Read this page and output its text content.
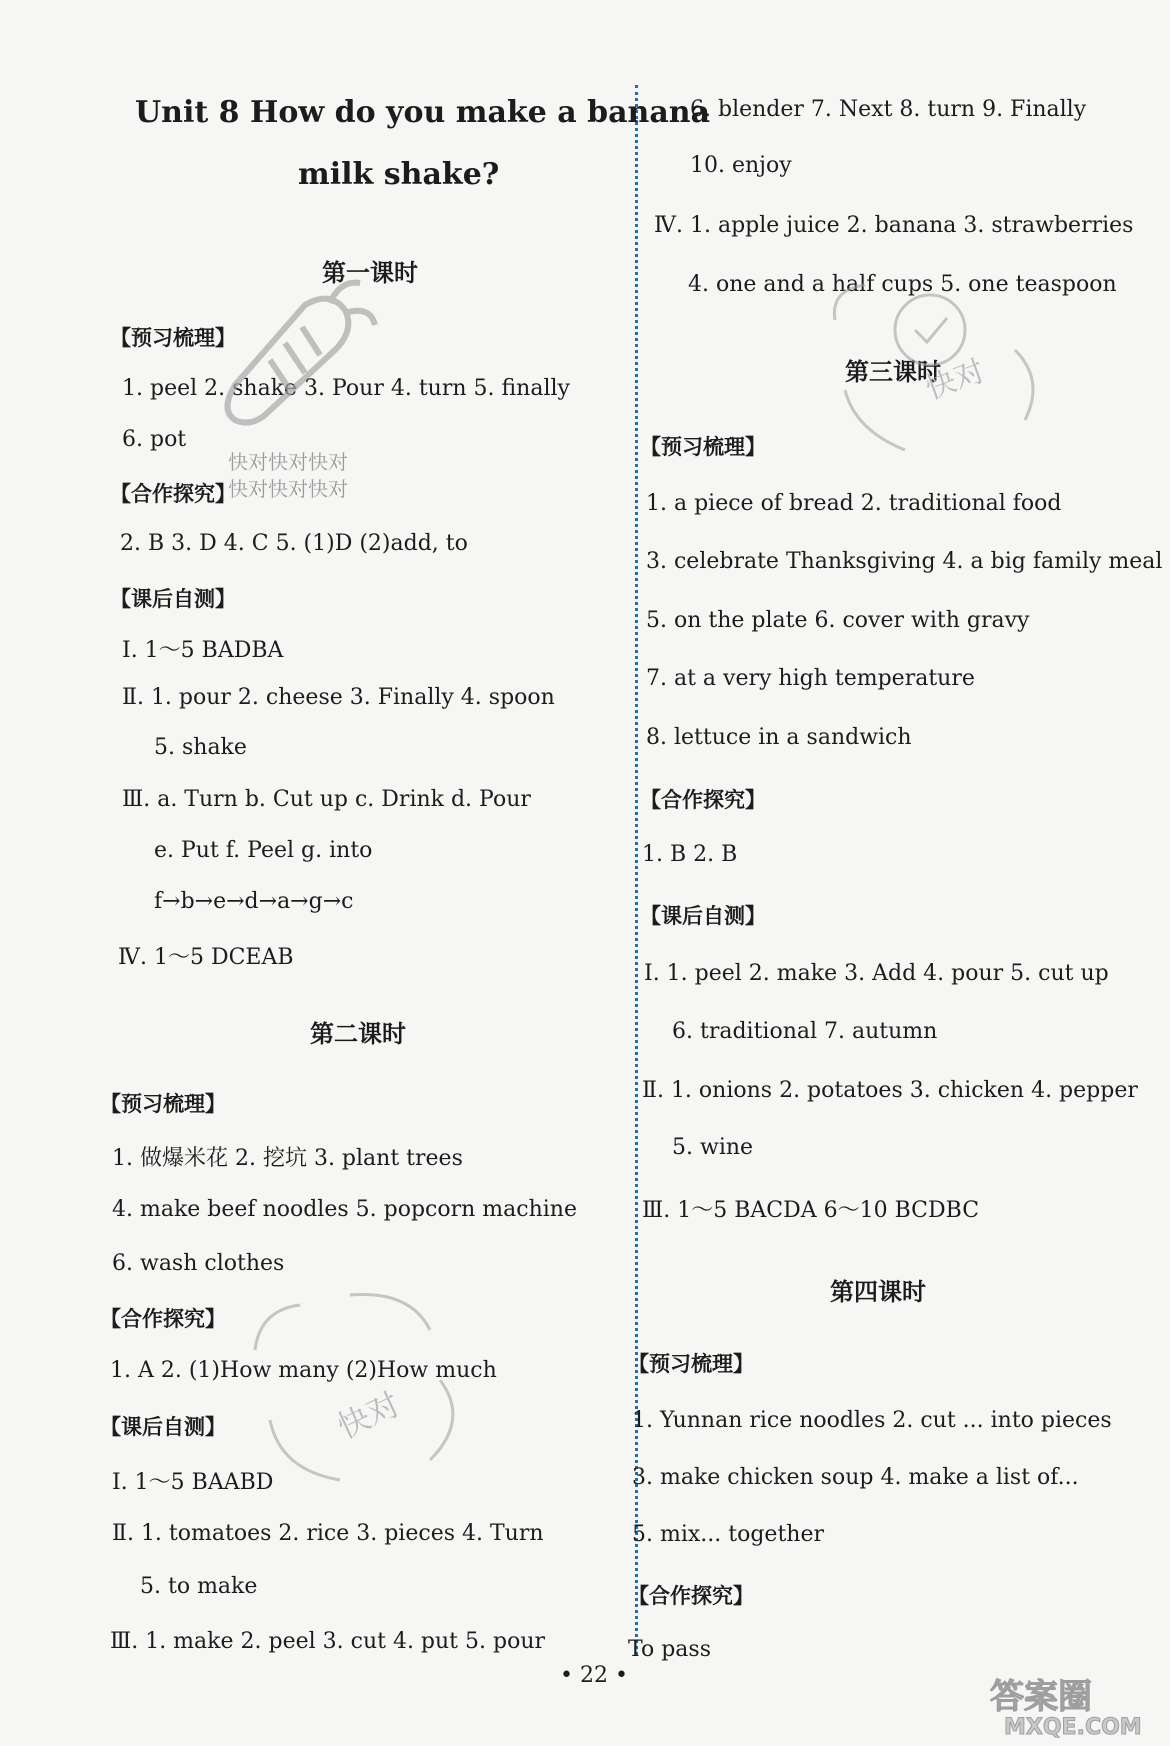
Unit 8 How do you make a banana
milk shake?
第一课时
【预习梳理】
1. peel 2. shake 3. Pour 4. turn 5. finally
6. pot
【合作探究】
2. B 3. D 4. C 5. (1)D (2)add, to
【课后自测】
Ⅰ. 1～5 BADBA
Ⅱ. 1. pour 2. cheese 3. Finally 4. spoon
5. shake
Ⅲ. a. Turn b. Cut up c. Drink d. Pour
e. Put f. Peel g. into
f→b→e→d→a→g→c
Ⅳ. 1～5 DCEAB
第二课时
【预习梳理】
1. 做爆米花 2. 挖坑 3. plant trees
4. make beef noodles 5. popcorn machine
6. wash clothes
【合作探究】
1. A 2. (1)How many (2)How much
【课后自测】
Ⅰ. 1～5 BAABD
Ⅱ. 1. tomatoes 2. rice 3. pieces 4. Turn
5. to make
Ⅲ. 1. make 2. peel 3. cut 4. put 5. pour
6. blender 7. Next 8. turn 9. Finally
10. enjoy
Ⅳ. 1. apple juice 2. banana 3. strawberries
4. one and a half cups 5. one teaspoon
第三课时
【预习梳理】
1. a piece of bread 2. traditional food
3. celebrate Thanksgiving 4. a big family meal
5. on the plate 6. cover with gravy
7. at a very high temperature
8. lettuce in a sandwich
【合作探究】
1. B 2. B
【课后自测】
Ⅰ. 1. peel 2. make 3. Add 4. pour 5. cut up
6. traditional 7. autumn
Ⅱ. 1. onions 2. potatoes 3. chicken 4. pepper
5. wine
Ⅲ. 1～5 BACDA 6～10 BCDBC
第四课时
【预习梳理】
1. Yunnan rice noodles 2. cut ... into pieces
3. make chicken soup 4. make a list of...
5. mix... together
【合作探究】
To pass
快对快对快对
快对快对快对
快对
快对
• 22 •
答案圈
MXQE.COM
